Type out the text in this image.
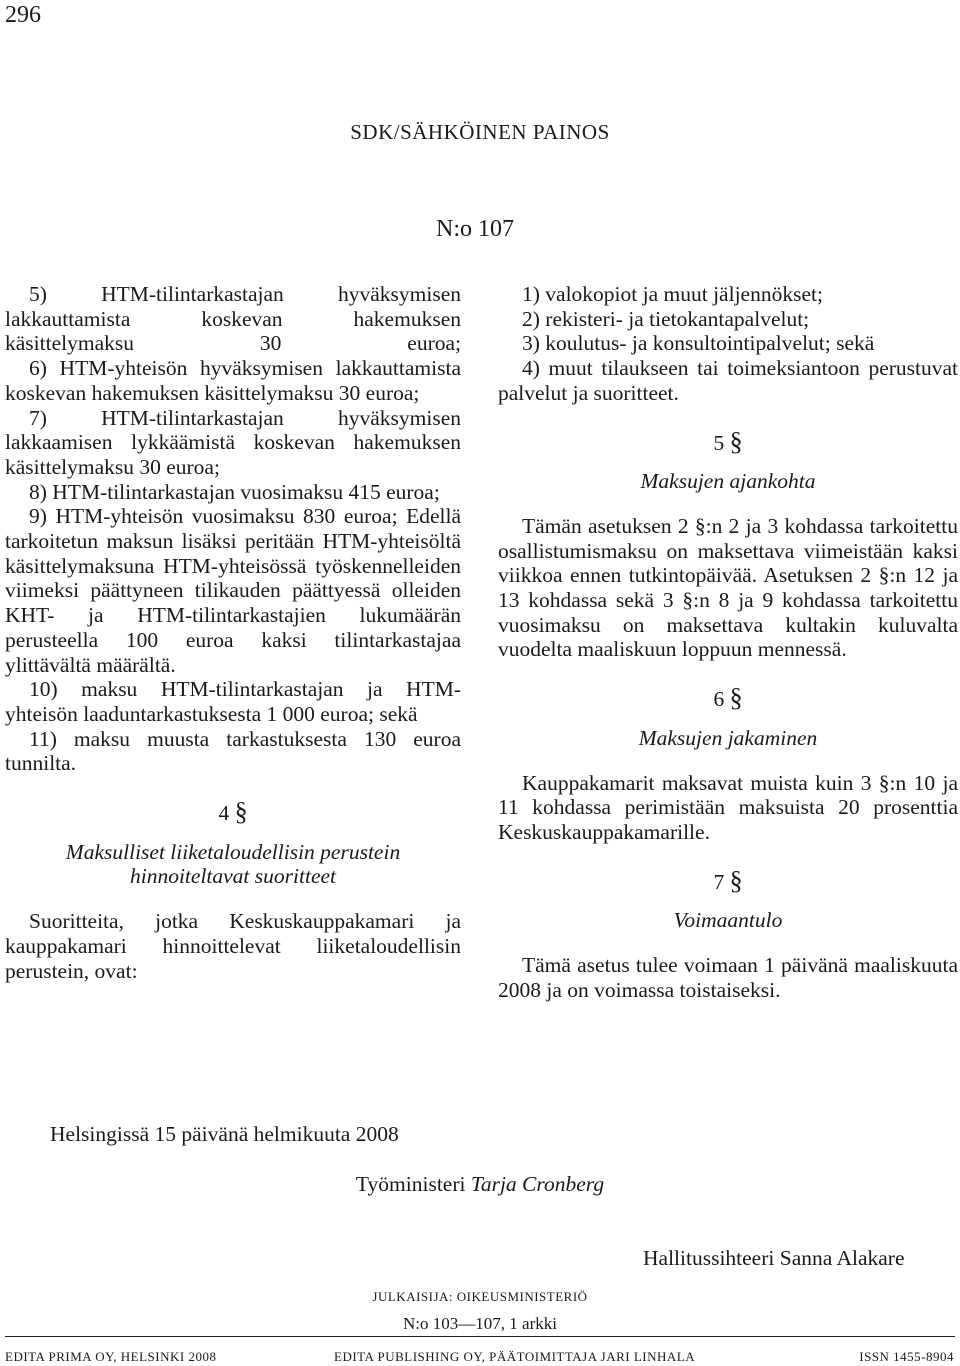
296
SDK/SÄHKÖINEN PAINOS
N:o 107

5) HTM-tilintarkastajan hyväksymisen lakkauttamista koskevan hakemuksen käsittelymaksu 30 euroa;

6) HTM-yhteisön hyväksymisen lakkauttamista koskevan hakemuksen käsittelymaksu 30 euroa;

7) HTM-tilintarkastajan hyväksymisen lakkaamisen lykkäämistä koskevan hakemuksen käsittelymaksu 30 euroa;

8) HTM-tilintarkastajan vuosimaksu 415 euroa;

9) HTM-yhteisön vuosimaksu 830 euroa; Edellä tarkoitetun maksun lisäksi peritään HTM-yhteisöltä käsittelymaksuna HTM-yhteisössä työskennelleiden viimeksi päättyneen tilikauden päättyessä olleiden KHT- ja HTM-tilintarkastajien lukumäärän perusteella 100 euroa kaksi tilintarkastajaa ylittävältä määrältä.

10) maksu HTM-tilintarkastajan ja HTM-yhteisön laaduntarkastuksesta 1 000 euroa; sekä

11) maksu muusta tarkastuksesta 130 euroa tunnilta.

4 §
Maksulliset liiketaloudellisin perustein hinnoiteltavat suoritteet

Suoritteita, jotka Keskuskauppakamari ja kauppakamari hinnoittelevat liiketaloudellisin perustein, ovat:

1) valokopiot ja muut jäljennökset;

2) rekisteri- ja tietokantapalvelut;

3) koulutus- ja konsultointipalvelut; sekä

4) muut tilaukseen tai toimeksiantoon perustuvat palvelut ja suoritteet.

5 §
Maksujen ajankohta

Tämän asetuksen 2 §:n 2 ja 3 kohdassa tarkoitettu osallistumismaksu on maksettava viimeistään kaksi viikkoa ennen tutkintopäivää. Asetuksen 2 §:n 12 ja 13 kohdassa sekä 3 §:n 8 ja 9 kohdassa tarkoitettu vuosimaksu on maksettava kultakin kuluvalta vuodelta maaliskuun loppuun mennessä.

6 §
Maksujen jakaminen

Kauppakamarit maksavat muista kuin 3 §:n 10 ja 11 kohdassa perimistään maksuista 20 prosenttia Keskuskauppakamarille.

7 §
Voimaantulo

Tämä asetus tulee voimaan 1 päivänä maaliskuuta 2008 ja on voimassa toistaiseksi.

Helsingissä 15 päivänä helmikuuta 2008
Työministeri Tarja Cronberg
Hallitussihteeri Sanna Alakare
JULKAISIJA: OIKEUSMINISTERIÖ
N:o 103—107, 1 arkki
EDITA PRIMA OY, HELSINKI 2008	EDITA PUBLISHING OY, PÄÄTOIMITTAJA JARI LINHALA	ISSN 1455-8904
